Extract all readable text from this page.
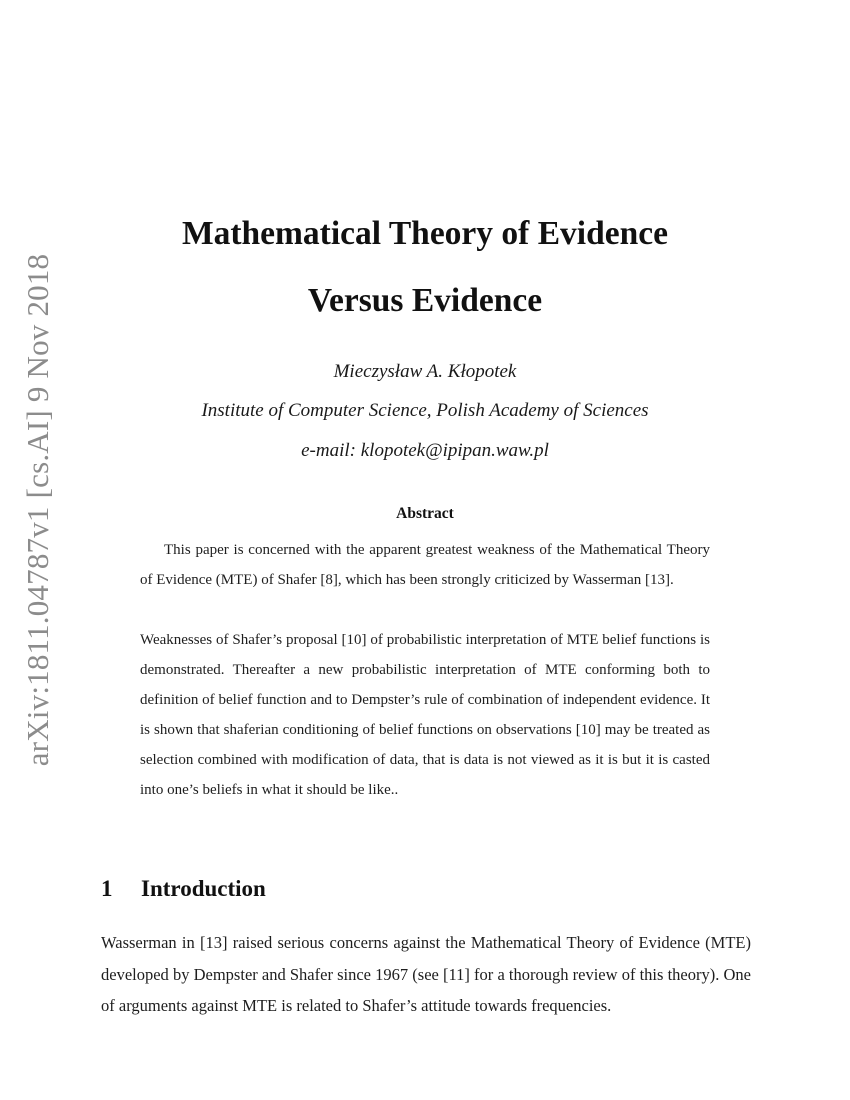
arXiv:1811.04787v1 [cs.AI] 9 Nov 2018
Mathematical Theory of Evidence
Versus Evidence
Mieczysław A. Kłopotek
Institute of Computer Science, Polish Academy of Sciences
e-mail: klopotek@ipipan.waw.pl
Abstract
This paper is concerned with the apparent greatest weakness of the Mathematical Theory of Evidence (MTE) of Shafer [8], which has been strongly criticized by Wasserman [13].
Weaknesses of Shafer’s proposal [10] of probabilistic interpretation of MTE belief functions is demonstrated. Thereafter a new probabilistic interpretation of MTE conforming both to definition of belief function and to Dempster’s rule of combination of independent evidence. It is shown that shaferian conditioning of belief functions on observations [10] may be treated as selection combined with modification of data, that is data is not viewed as it is but it is casted into one’s beliefs in what it should be like..
1 Introduction
Wasserman in [13] raised serious concerns against the Mathematical Theory of Evidence (MTE) developed by Dempster and Shafer since 1967 (see [11] for a thorough review of this theory). One of arguments against MTE is related to Shafer’s attitude towards frequencies.
